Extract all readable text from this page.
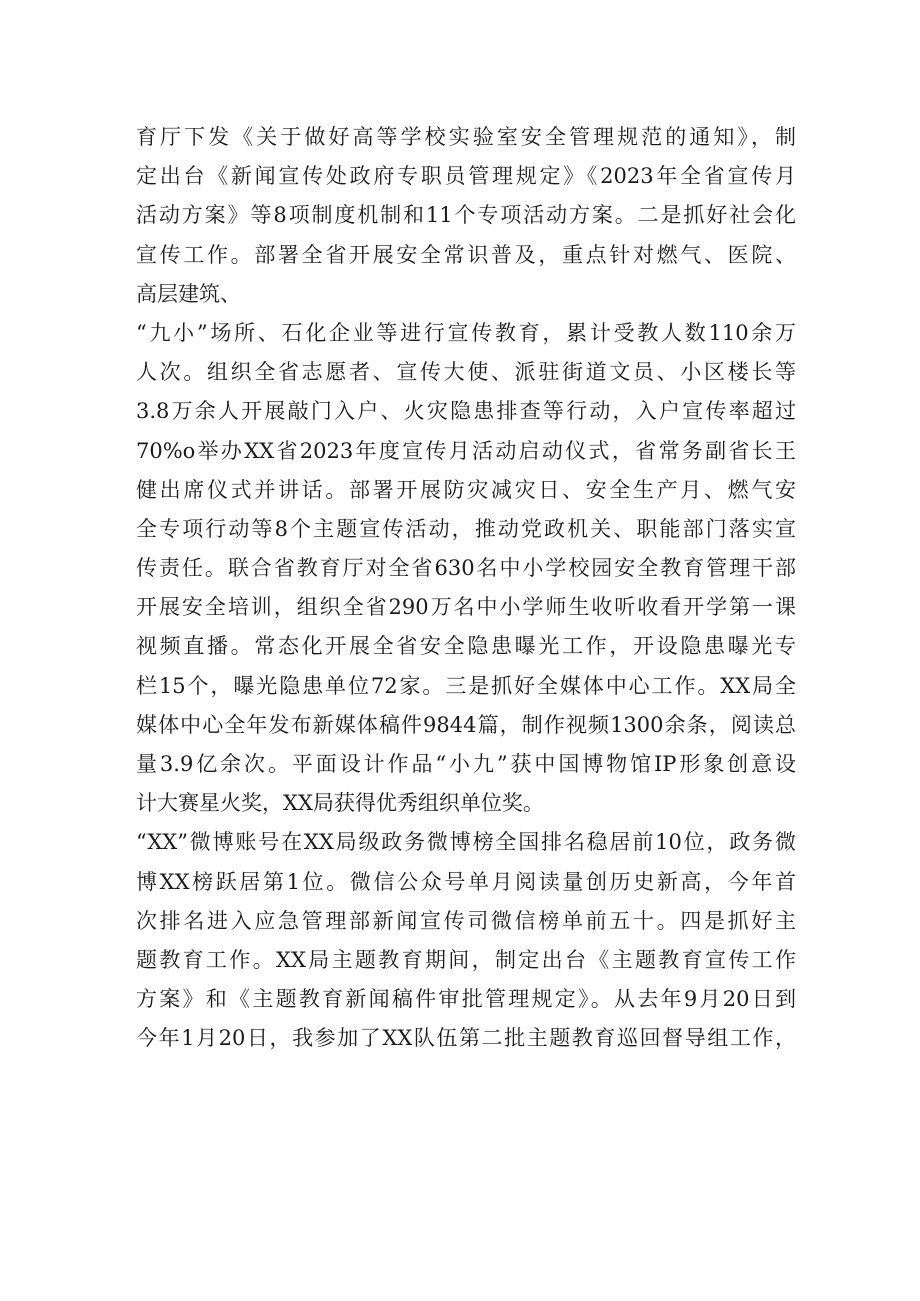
育厅下发《关于做好高等学校实验室安全管理规范的通知》，制
定出台《新闻宣传处政府专职员管理规定》《2023年全省宣传月
活动方案》等8项制度机制和11个专项活动方案。二是抓好社会化
宣传工作。部署全省开展安全常识普及，重点针对燃气、医院、
高层建筑、
“九小”场所、石化企业等进行宣传教育，累计受教人数110余万
人次。组织全省志愿者、宣传大使、派驻街道文员、小区楼长等
3.8万余人开展敲门入户、火灾隐患排查等行动，入户宣传率超过
70%o举办XX省2023年度宣传月活动启动仪式，省常务副省长王
健出席仪式并讲话。部署开展防灾减灾日、安全生产月、燃气安
全专项行动等8个主题宣传活动，推动党政机关、职能部门落实宣
传责任。联合省教育厅对全省630名中小学校园安全教育管理干部
开展安全培训，组织全省290万名中小学师生收听收看开学第一课
视频直播。常态化开展全省安全隐患曝光工作，开设隐患曝光专
栏15个，曝光隐患单位72家。三是抓好全媒体中心工作。XX局全
媒体中心全年发布新媒体稿件9844篇，制作视频1300余条，阅读总
量3.9亿余次。平面设计作品“小九”获中国博物馆IP形象创意设
计大赛星火奖，XX局获得优秀组织单位奖。
“XX”微博账号在XX局级政务微博榜全国排名稳居前10位，政务微
博XX榜跃居第1位。微信公众号单月阅读量创历史新高，今年首
次排名进入应急管理部新闻宣传司微信榜单前五十。四是抓好主
题教育工作。XX局主题教育期间，制定出台《主题教育宣传工作
方案》和《主题教育新闻稿件审批管理规定》。从去年9月20日到
今年1月20日，我参加了XX队伍第二批主题教育巡回督导组工作，
